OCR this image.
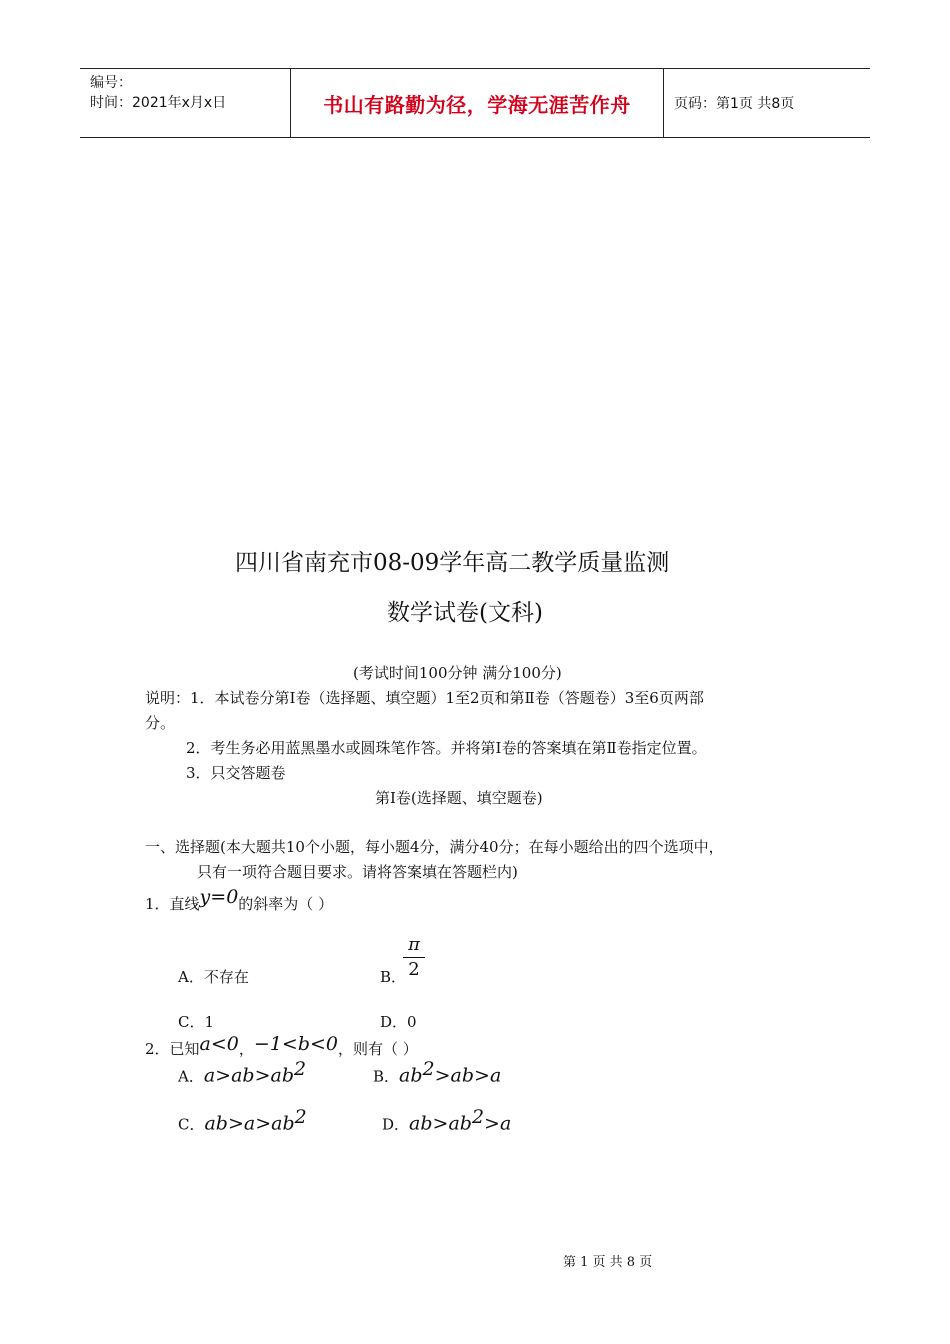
编号：
时间：2021年x月x日	书山有路勤为径，学海无涯苦作舟	页码：第1页 共8页
四川省南充市08-09学年高二教学质量监测
数学试卷(文科)
(考试时间100分钟 满分100分)
说明：1．本试卷分第Ⅰ卷（选择题、填空题）1至2页和第Ⅱ卷（答题卷）3至6页两部
分。
2．考生务必用蓝黑墨水或圆珠笔作答。并将第Ⅰ卷的答案填在第Ⅱ卷指定位置。
3．只交答题卷
第Ⅰ卷(选择题、填空题卷)
一、选择题(本大题共10个小题，每小题4分，满分40分；在每小题给出的四个选项中，
只有一项符合题目要求。请将答案填在答题栏内)
1．直线y=0的斜率为（ ）
A．不存在	B．
π
2
C．1	D．0
2．已知a<0，−1<b<0，则有（ ）
A．$a>ab>ab^2$	B．$ab^2>ab>a$
C．$ab>a>ab^2$	D．$ab>ab^2>a$
第 1 页 共 8 页
